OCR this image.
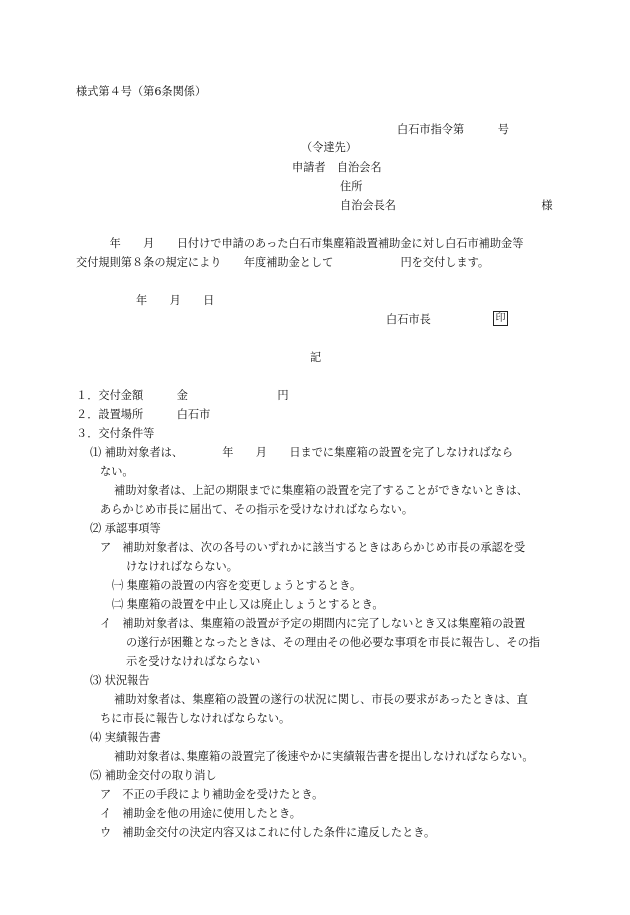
様式第４号（第6条関係）
白石市指令第　　　号
（令達先）
申請者　自治会名
住所
自治会長名　　　　　　　　　　　　　様
　　　年　　月　　日付けで申請のあった白石市集塵箱設置補助金に対し白石市補助金等
交付規則第８条の規定により　　年度補助金として　　　　　　円を交付します。
年　　月　　日
白石市長	印
記
１．交付金額　　　金　　　　　　　　円
２．設置場所　　　白石市
３．交付条件等
⑴ 補助対象者は、　　　　年　　月　　日までに集塵箱の設置を完了しなければなら
ない。
補助対象者は、上記の期限までに集塵箱の設置を完了することができないときは、
あらかじめ市長に届出て、その指示を受けなければならない。
⑵ 承認事項等
ア　補助対象者は、次の各号のいずれかに該当するときはあらかじめ市長の承認を受
けなければならない。
㈠ 集塵箱の設置の内容を変更しょうとするとき。
㈡ 集塵箱の設置を中止し又は廃止しょうとするとき。
イ　補助対象者は、集塵箱の設置が予定の期間内に完了しないとき又は集塵箱の設置
の遂行が困難となったときは、その理由その他必要な事項を市長に報告し、その指
示を受けなければならない
⑶ 状況報告
補助対象者は、集塵箱の設置の遂行の状況に関し、市長の要求があったときは、直
ちに市長に報告しなければならない。
⑷ 実績報告書
補助対象者は､集塵箱の設置完了後速やかに実績報告書を提出しなければならない。
⑸ 補助金交付の取り消し
ア　不正の手段により補助金を受けたとき。
イ　補助金を他の用途に使用したとき。
ウ　補助金交付の決定内容又はこれに付した条件に違反したとき。
